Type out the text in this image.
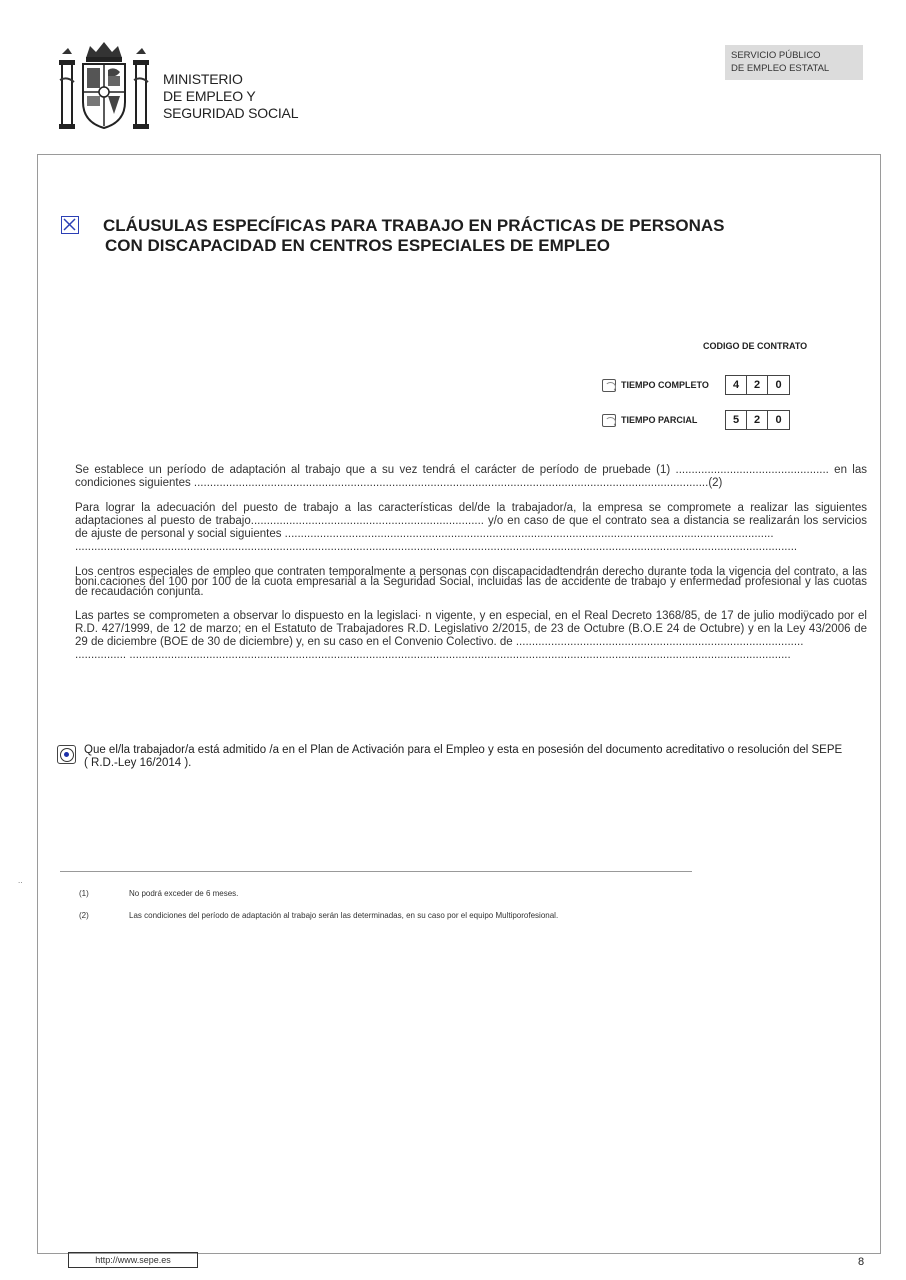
MINISTERIO
DE EMPLEO Y
SEGURIDAD SOCIAL
SERVICIO PÚBLICO
DE EMPLEO ESTATAL
CLÁUSULAS ESPECÍFICAS PARA TRABAJO EN PRÁCTICAS DE PERSONAS
CON DISCAPACIDAD EN CENTROS ESPECIALES DE EMPLEO
CODIGO DE CONTRATO
TIEMPO COMPLETO	4	2	0
TIEMPO PARCIAL	5	2	0

Se establece un período de adaptación al trabajo que a su vez tendrá el carácter de período de pruebade (1) ................................................ en las condiciones siguientes .................................................................................................................................................................(2)

Para lograr la adecuación del puesto de trabajo a las características del/de la trabajador/a, la empresa se compromete a realizar las siguientes adaptaciones al puesto de trabajo......................................................................... y/o en caso de que el contrato sea a distancia se realizarán los servicios de ajuste de personal y social siguientes .........................................................................................................................................................

..................................................................................................................................................................................................................................

Los centros especiales de empleo que contraten temporalmente a personas con discapacidadtendrán derecho durante toda la vigencia del contrato, a las boni.caciones del 100 por 100 de la cuota empresarial a la Seguridad Social, incluidas las de accidente de trabajo y enfermedad profesional y las cuotas de recaudación conjunta.

Las partes se comprometen a observar lo dispuesto en la legislaci· n vigente, y en especial, en el Real Decreto 1368/85, de 17 de julio modiÿcado por el R.D. 427/1999, de 12 de marzo; en el Estatuto de Trabajadores R.D. Legislativo 2/2015, de 23 de Octubre (B.O.E 24 de Octubre) y en la Ley 43/2006 de 29 de diciembre (BOE de 30 de diciembre) y, en su caso en el Convenio Colectivo. de ..........................................................................................

................ ...............................................................................................................................................................................................................

Que el/la trabajador/a está admitido /a en el Plan de Activación para el Empleo y esta en posesión del documento acreditativo o resolución del SEPE
( R.D.-Ley 16/2014 ).
..
(1)	No podrá exceder de 6 meses.
(2)	Las condiciones del período de adaptación al trabajo serán las determinadas, en su caso por el equipo Multiporofesional.
http://www.sepe.es	8
